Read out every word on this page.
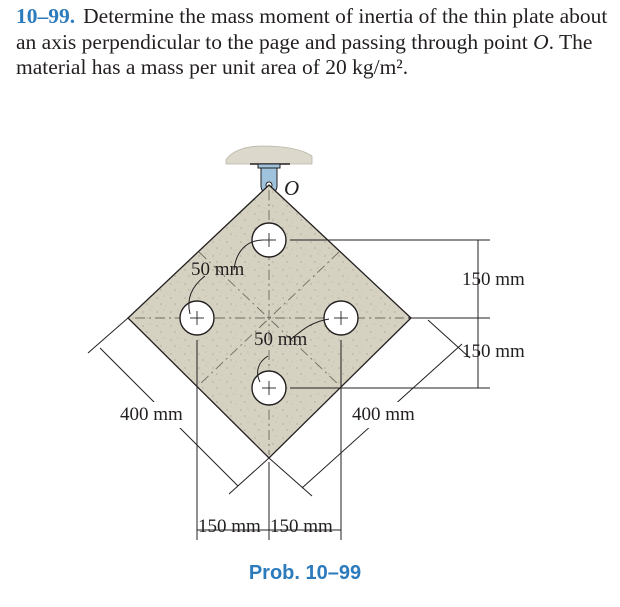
10–99. Determine the mass moment of inertia of the thin plate about an axis perpendicular to the page and passing through point O. The material has a mass per unit area of 20 kg/m².
O
50 mm
50 mm
400 mm	400 mm
150 mm
150 mm
150 mm 150 mm
Prob. 10–99
